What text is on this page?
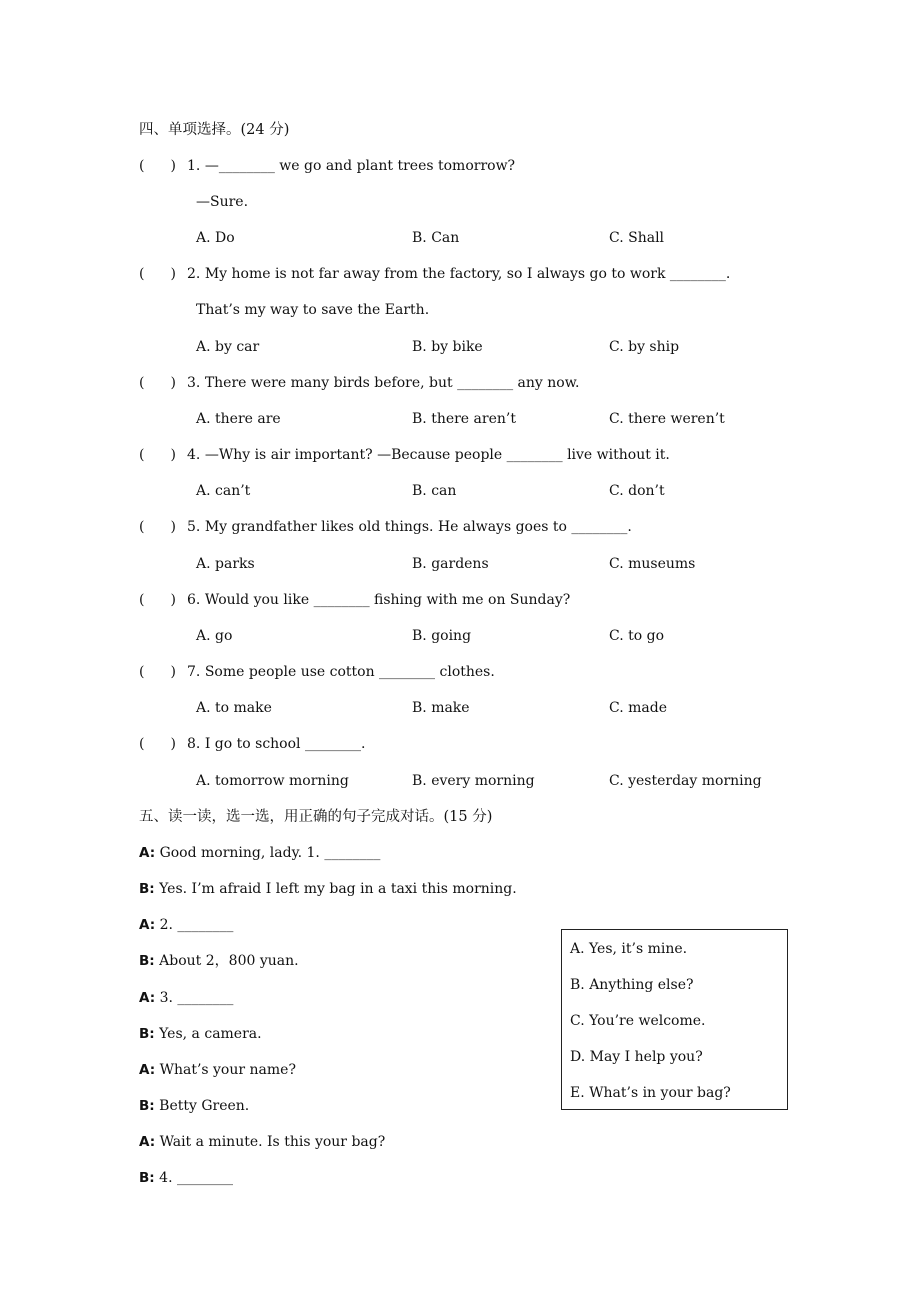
四、单项选择。(24 分)
( ) 1. —________ we go and plant trees tomorrow?
—Sure.
A. Do	B. Can	C. Shall
( ) 2. My home is not far away from the factory, so I always go to work ________.
That’s my way to save the Earth.
A. by car	B. by bike	C. by ship
( ) 3. There were many birds before, but ________ any now.
A. there are	B. there aren’t	C. there weren’t
( ) 4. —Why is air important? —Because people ________ live without it.
A. can’t	B. can	C. don’t
( ) 5. My grandfather likes old things. He always goes to ________.
A. parks	B. gardens	C. museums
( ) 6. Would you like ________ fishing with me on Sunday?
A. go	B. going	C. to go
( ) 7. Some people use cotton ________ clothes.
A. to make	B. make	C. made
( ) 8. I go to school ________.
A. tomorrow morning	B. every morning	C. yesterday morning
五、读一读，选一选，用正确的句子完成对话。(15 分)
A: Good morning, lady. 1. ________
B: Yes. I’m afraid I left my bag in a taxi this morning.
A: 2. ________
B: About 2，800 yuan.
A: 3. ________
B: Yes, a camera.
A: What’s your name?
B: Betty Green.
A: Wait a minute. Is this your bag?
B: 4. ________
A. Yes, it’s mine.
B. Anything else?
C. You’re welcome.
D. May I help you?
E. What’s in your bag?
